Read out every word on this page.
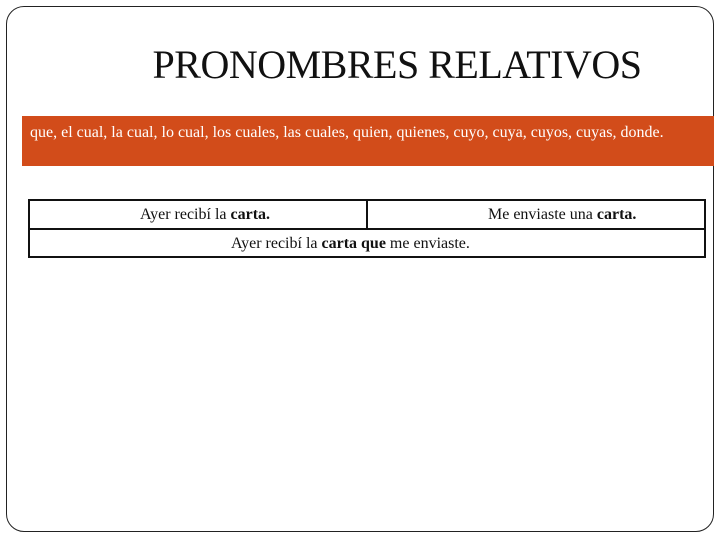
PRONOMBRES RELATIVOS
que, el cual, la cual, lo cual, los cuales, las cuales, quien, quienes, cuyo, cuya, cuyos, cuyas, donde.
Ayer recibí la carta.	Me enviaste una carta.
Ayer recibí la carta que me enviaste.
